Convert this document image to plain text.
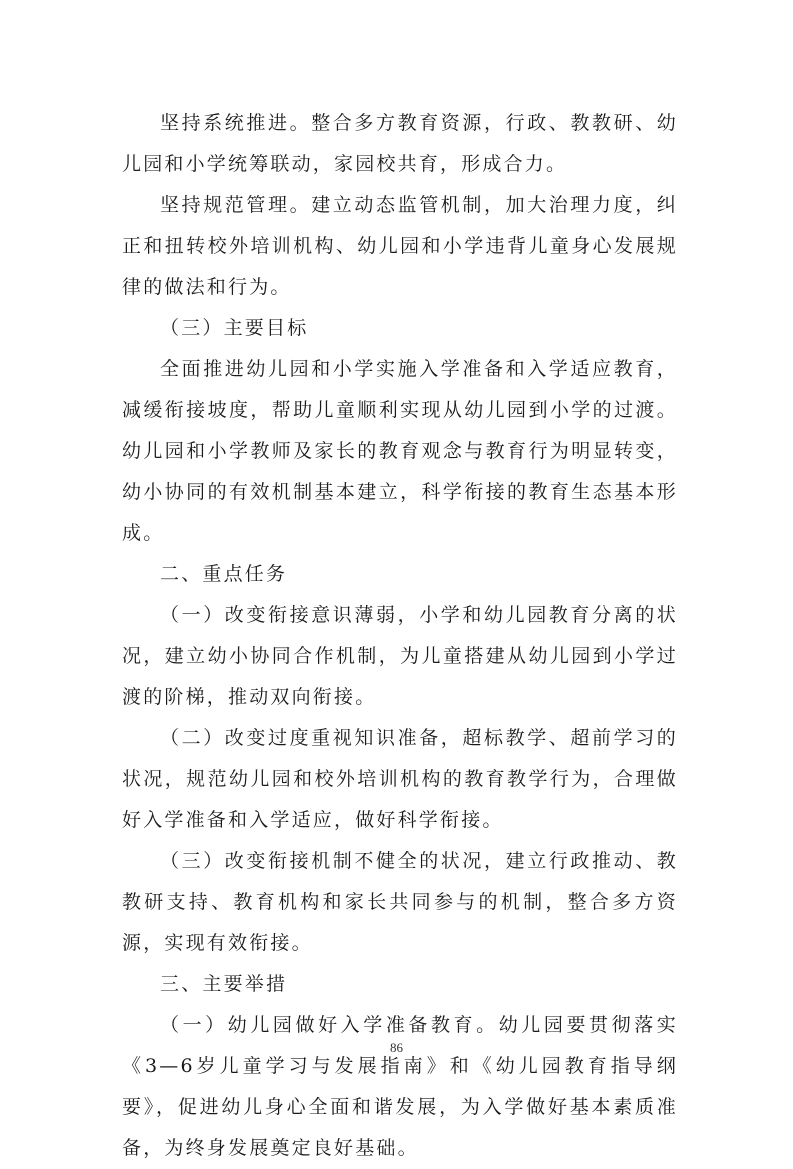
坚持系统推进。整合多方教育资源，行政、教教研、幼儿园和小学统筹联动，家园校共育，形成合力。

坚持规范管理。建立动态监管机制，加大治理力度，纠正和扭转校外培训机构、幼儿园和小学违背儿童身心发展规律的做法和行为。

（三）主要目标

全面推进幼儿园和小学实施入学准备和入学适应教育，减缓衔接坡度，帮助儿童顺利实现从幼儿园到小学的过渡。幼儿园和小学教师及家长的教育观念与教育行为明显转变，幼小协同的有效机制基本建立，科学衔接的教育生态基本形成。

二、重点任务

（一）改变衔接意识薄弱，小学和幼儿园教育分离的状况，建立幼小协同合作机制，为儿童搭建从幼儿园到小学过渡的阶梯，推动双向衔接。

（二）改变过度重视知识准备，超标教学、超前学习的状况，规范幼儿园和校外培训机构的教育教学行为，合理做好入学准备和入学适应，做好科学衔接。

（三）改变衔接机制不健全的状况，建立行政推动、教教研支持、教育机构和家长共同参与的机制，整合多方资源，实现有效衔接。

三、主要举措

（一）幼儿园做好入学准备教育。幼儿园要贯彻落实《3—6岁儿童学习与发展指南》和《幼儿园教育指导纲要》，促进幼儿身心全面和谐发展，为入学做好基本素质准备，为终身发展奠定良好基础。

86
